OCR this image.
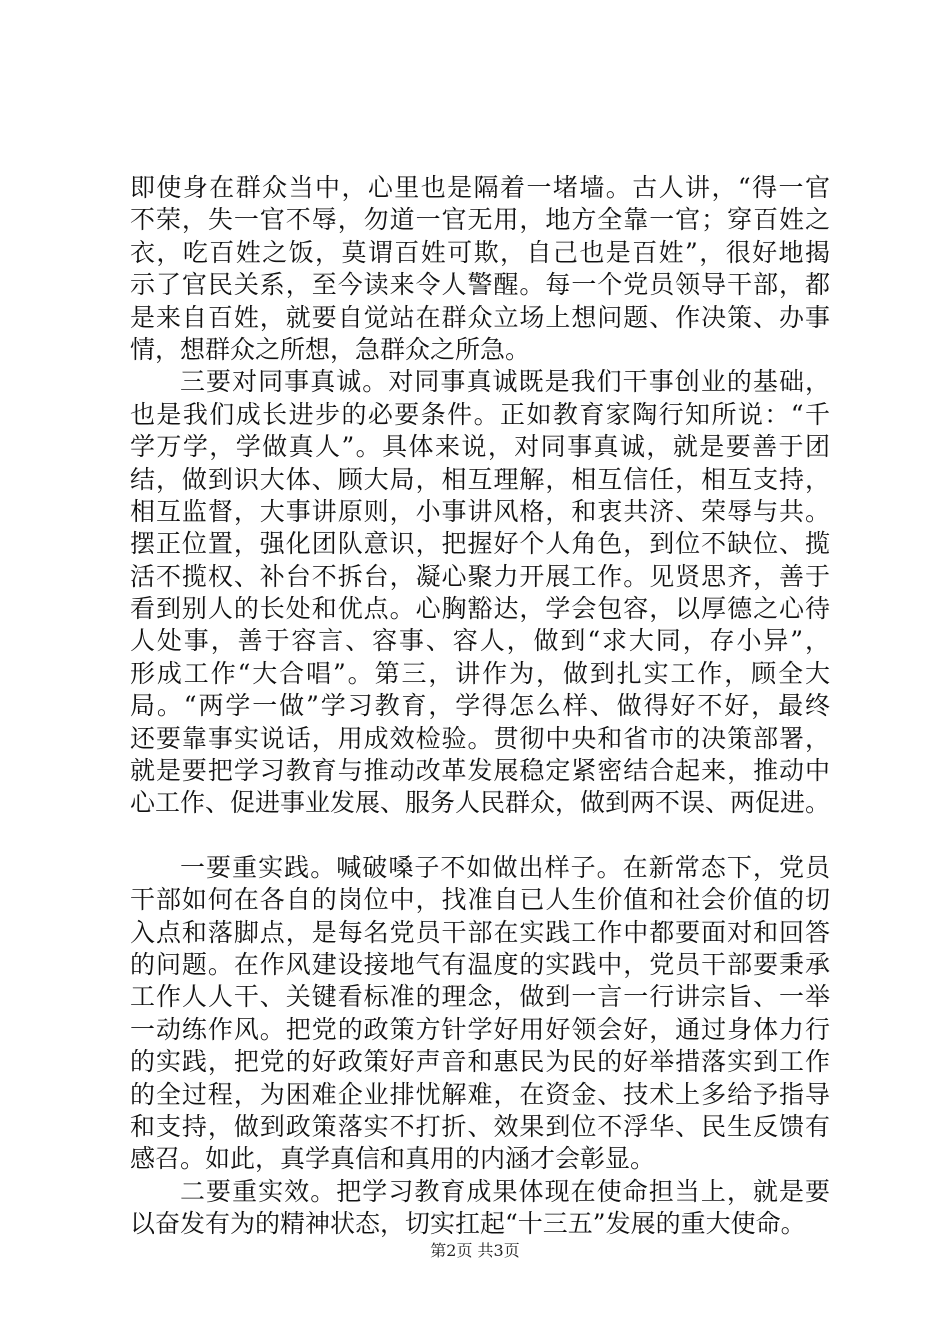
即使身在群众当中，心里也是隔着一堵墙。古人讲，“得一官
不荣，失一官不辱，勿道一官无用，地方全靠一官；穿百姓之
衣，吃百姓之饭，莫谓百姓可欺，自己也是百姓”，很好地揭
示了官民关系，至今读来令人警醒。每一个党员领导干部，都
是来自百姓，就要自觉站在群众立场上想问题、作决策、办事
情，想群众之所想，急群众之所急。
三要对同事真诚。对同事真诚既是我们干事创业的基础，
也是我们成长进步的必要条件。正如教育家陶行知所说：“千
学万学，学做真人”。具体来说，对同事真诚，就是要善于团
结，做到识大体、顾大局，相互理解，相互信任，相互支持，
相互监督，大事讲原则，小事讲风格，和衷共济、荣辱与共。
摆正位置，强化团队意识，把握好个人角色，到位不缺位、揽
活不揽权、补台不拆台，凝心聚力开展工作。见贤思齐，善于
看到别人的长处和优点。心胸豁达，学会包容，以厚德之心待
人处事，善于容言、容事、容人，做到“求大同，存小异”，
形成工作“大合唱”。第三，讲作为，做到扎实工作，顾全大
局。“两学一做”学习教育，学得怎么样、做得好不好，最终
还要靠事实说话，用成效检验。贯彻中央和省市的决策部署，
就是要把学习教育与推动改革发展稳定紧密结合起来，推动中
心工作、促进事业发展、服务人民群众，做到两不误、两促进。
一要重实践。喊破嗓子不如做出样子。在新常态下，党员
干部如何在各自的岗位中，找准自已人生价值和社会价值的切
入点和落脚点，是每名党员干部在实践工作中都要面对和回答
的问题。在作风建设接地气有温度的实践中，党员干部要秉承
工作人人干、关键看标准的理念，做到一言一行讲宗旨、一举
一动练作风。把党的政策方针学好用好领会好，通过身体力行
的实践，把党的好政策好声音和惠民为民的好举措落实到工作
的全过程，为困难企业排忧解难，在资金、技术上多给予指导
和支持，做到政策落实不打折、效果到位不浮华、民生反馈有
感召。如此，真学真信和真用的内涵才会彰显。
二要重实效。把学习教育成果体现在使命担当上，就是要
以奋发有为的精神状态，切实扛起“十三五”发展的重大使命。
第2页 共3页
